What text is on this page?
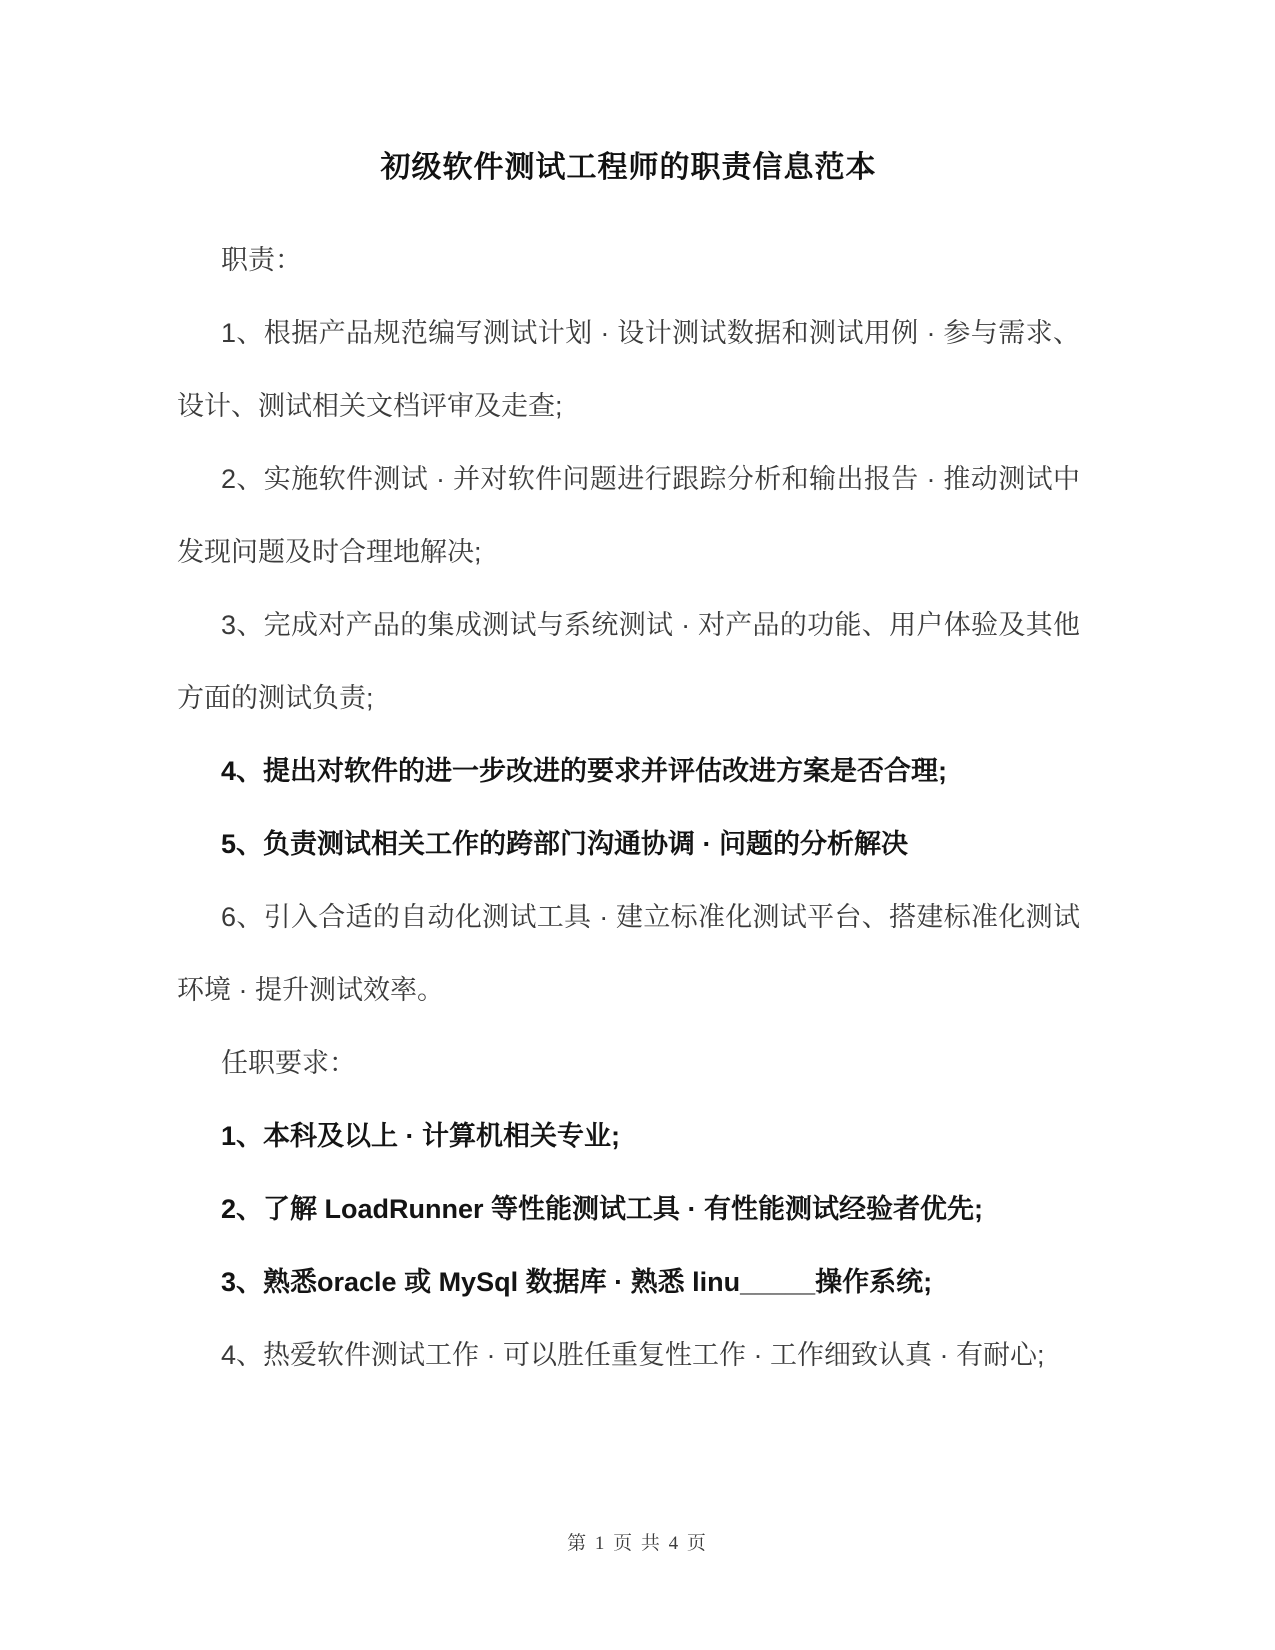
初级软件测试工程师的职责信息范本

职责：

1、根据产品规范编写测试计划 · 设计测试数据和测试用例 · 参与需求、设计、测试相关文档评审及走查;

2、实施软件测试 · 并对软件问题进行跟踪分析和输出报告 · 推动测试中发现问题及时合理地解决;

3、完成对产品的集成测试与系统测试 · 对产品的功能、用户体验及其他方面的测试负责;

4、提出对软件的进一步改进的要求并评估改进方案是否合理;

5、负责测试相关工作的跨部门沟通协调 · 问题的分析解决

6、引入合适的自动化测试工具 · 建立标准化测试平台、搭建标准化测试环境 · 提升测试效率。

任职要求：

1、本科及以上 · 计算机相关专业;

2、了解 LoadRunner 等性能测试工具 · 有性能测试经验者优先;

3、熟悉oracle 或 MySql 数据库 · 熟悉 linu_____操作系统;

4、热爱软件测试工作 · 可以胜任重复性工作 · 工作细致认真 · 有耐心;

第 1 页 共 4 页
